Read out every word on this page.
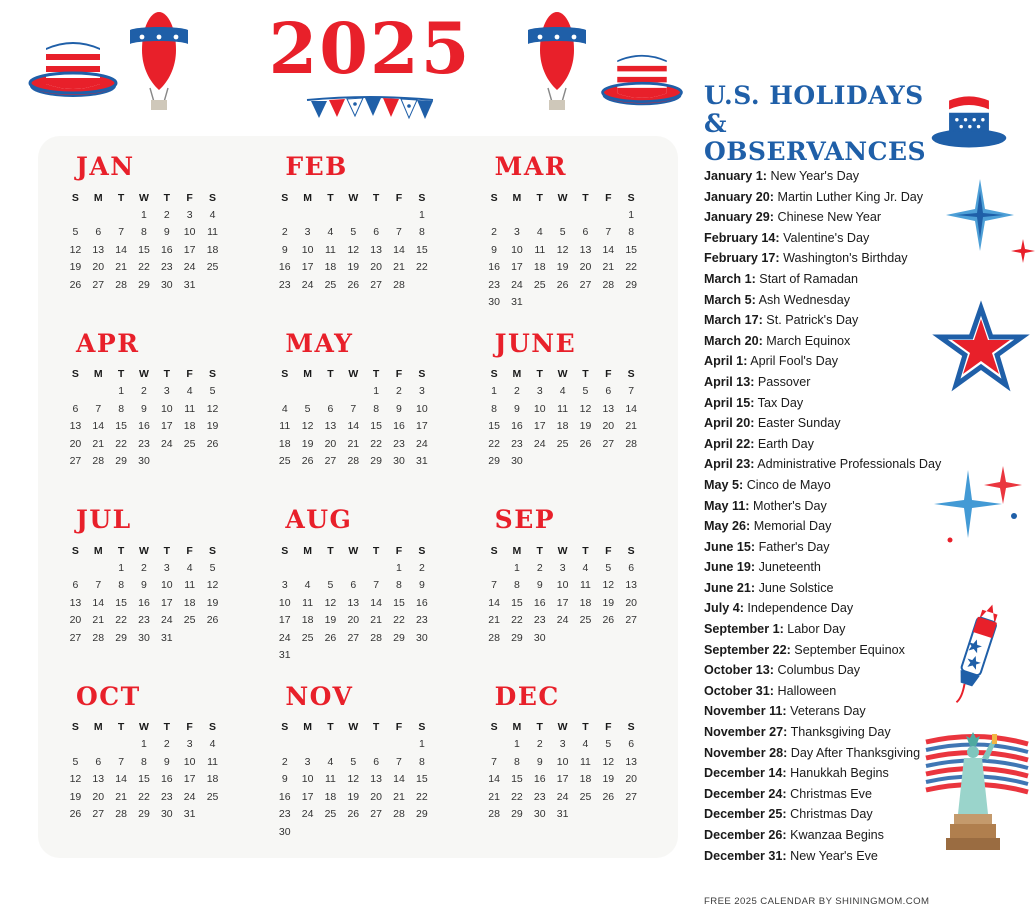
2025
JAN
S	M	T	W	T	F	S
			1	2	3	4
5	6	7	8	9	10	11
12	13	14	15	16	17	18
19	20	21	22	23	24	25
26	27	28	29	30	31	
FEB
S	M	T	W	T	F	S
						1
2	3	4	5	6	7	8
9	10	11	12	13	14	15
16	17	18	19	20	21	22
23	24	25	26	27	28	
MAR
S	M	T	W	T	F	S
						1
2	3	4	5	6	7	8
9	10	11	12	13	14	15
16	17	18	19	20	21	22
23	24	25	26	27	28	29
30	31					
APR
S	M	T	W	T	F	S
		1	2	3	4	5
6	7	8	9	10	11	12
13	14	15	16	17	18	19
20	21	22	23	24	25	26
27	28	29	30			
MAY
S	M	T	W	T	F	S
				1	2	3
4	5	6	7	8	9	10
11	12	13	14	15	16	17
18	19	20	21	22	23	24
25	26	27	28	29	30	31
JUNE
S	M	T	W	T	F	S
1	2	3	4	5	6	7
8	9	10	11	12	13	14
15	16	17	18	19	20	21
22	23	24	25	26	27	28
29	30					
JUL
S	M	T	W	T	F	S
		1	2	3	4	5
6	7	8	9	10	11	12
13	14	15	16	17	18	19
20	21	22	23	24	25	26
27	28	29	30	31		
AUG
S	M	T	W	T	F	S
					1	2
3	4	5	6	7	8	9
10	11	12	13	14	15	16
17	18	19	20	21	22	23
24	25	26	27	28	29	30
31						
SEP
S	M	T	W	T	F	S
	1	2	3	4	5	6
7	8	9	10	11	12	13
14	15	16	17	18	19	20
21	22	23	24	25	26	27
28	29	30				
OCT
S	M	T	W	T	F	S
			1	2	3	4
5	6	7	8	9	10	11
12	13	14	15	16	17	18
19	20	21	22	23	24	25
26	27	28	29	30	31	
NOV
S	M	T	W	T	F	S
						1
2	3	4	5	6	7	8
9	10	11	12	13	14	15
16	17	18	19	20	21	22
23	24	25	26	27	28	29
30						
DEC
S	M	T	W	T	F	S
	1	2	3	4	5	6
7	8	9	10	11	12	13
14	15	16	17	18	19	20
21	22	23	24	25	26	27
28	29	30	31			
U.S. HOLIDAYS & OBSERVANCES
January 1: New Year's Day
January 20: Martin Luther King Jr. Day
January 29: Chinese New Year
February 14: Valentine's Day
February 17: Washington's Birthday
March 1: Start of Ramadan
March 5: Ash Wednesday
March 17: St. Patrick's Day
March 20: March Equinox
April 1: April Fool's Day
April 13: Passover
April 15: Tax Day
April 20: Easter Sunday
April 22: Earth Day
April 23: Administrative Professionals Day
May 5: Cinco de Mayo
May 11: Mother's Day
May 26: Memorial Day
June 15: Father's Day
June 19: Juneteenth
June 21: June Solstice
July 4: Independence Day
September 1: Labor Day
September 22: September Equinox
October 13: Columbus Day
October 31: Halloween
November 11: Veterans Day
November 27: Thanksgiving Day
November 28: Day After Thanksgiving
December 14: Hanukkah Begins
December 24: Christmas Eve
December 25: Christmas Day
December 26: Kwanzaa Begins
December 31: New Year's Eve
FREE 2025 CALENDAR BY SHININGMOM.COM
